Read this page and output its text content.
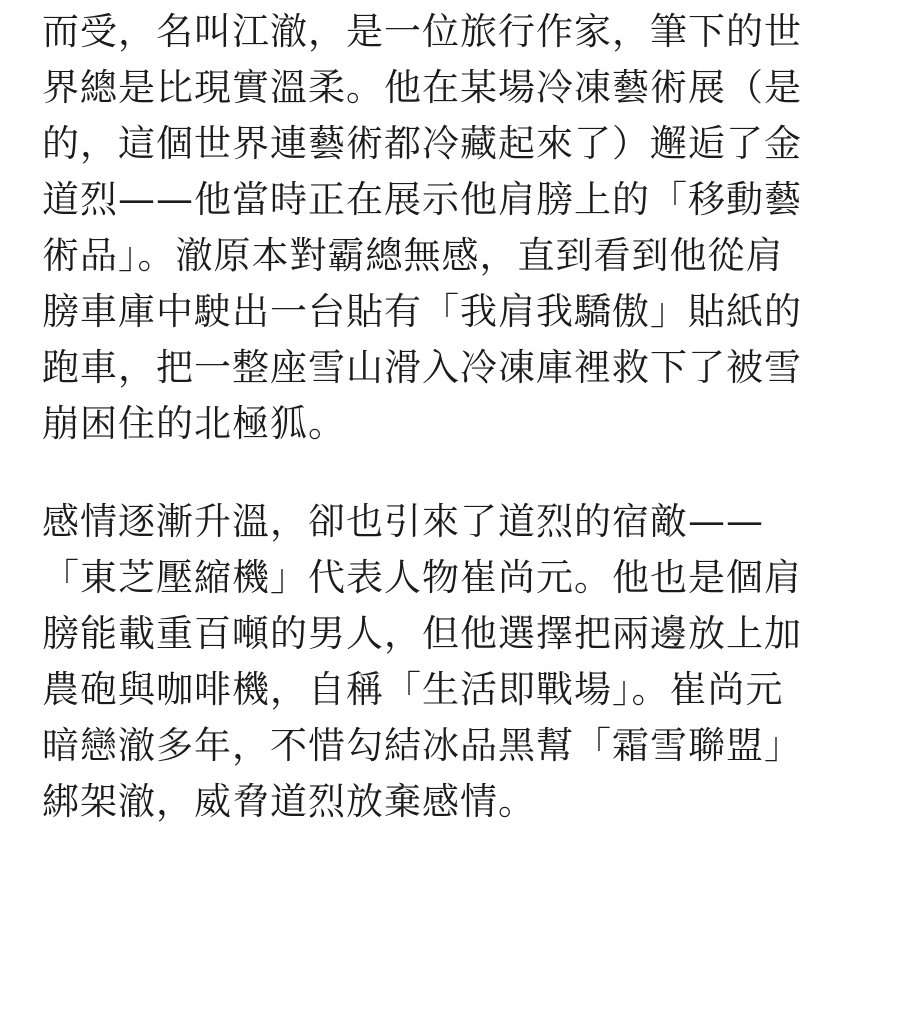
而受，名叫江澈，是一位旅行作家，筆下的世
界總是比現實溫柔。他在某場冷凍藝術展（是
的，這個世界連藝術都冷藏起來了）邂逅了金
道烈——他當時正在展示他肩膀上的「移動藝
術品」。澈原本對霸總無感，直到看到他從肩
膀車庫中駛出一台貼有「我肩我驕傲」貼紙的
跑車，把一整座雪山滑入冷凍庫裡救下了被雪
崩困住的北極狐。
感情逐漸升溫，卻也引來了道烈的宿敵——
「東芝壓縮機」代表人物崔尚元。他也是個肩
膀能載重百噸的男人，但他選擇把兩邊放上加
農砲與咖啡機，自稱「生活即戰場」。崔尚元
暗戀澈多年，不惜勾結冰品黑幫「霜雪聯盟」
綁架澈，威脅道烈放棄感情。
